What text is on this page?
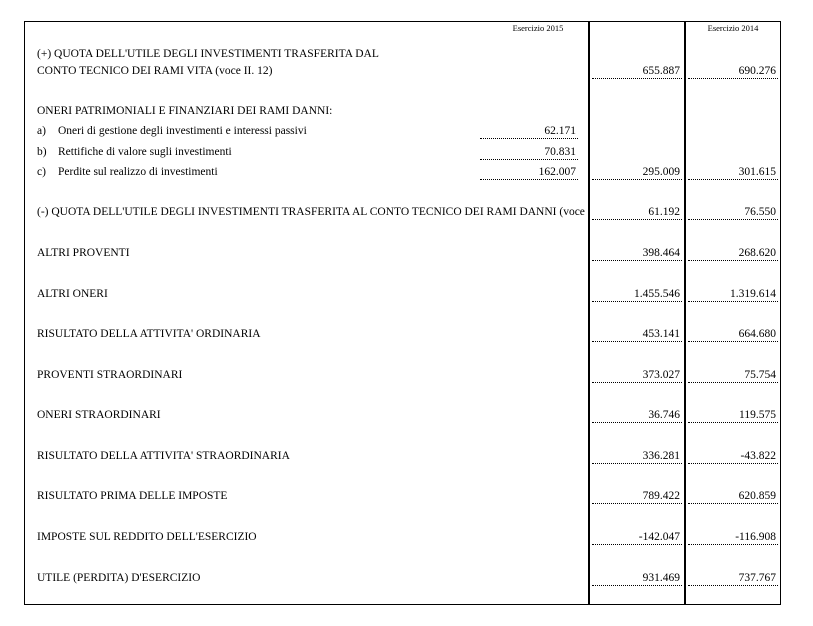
Esercizio 2015	Esercizio 2014
(+) QUOTA DELL'UTILE DEGLI INVESTIMENTI TRASFERITA DAL
CONTO TECNICO DEI RAMI VITA (voce II. 12)	655.887	690.276
ONERI PATRIMONIALI E FINANZIARI DEI RAMI DANNI:
a) Oneri di gestione degli investimenti e interessi passivi	62.171
b) Rettifiche di valore sugli investimenti	70.831
c) Perdite sul realizzo di investimenti	162.007	295.009	301.615
(-) QUOTA DELL'UTILE DEGLI INVESTIMENTI TRASFERITA AL CONTO TECNICO DEI RAMI DANNI (voce	61.192	76.550
ALTRI PROVENTI	398.464	268.620
ALTRI ONERI	1.455.546	1.319.614
RISULTATO DELLA ATTIVITA' ORDINARIA	453.141	664.680
PROVENTI STRAORDINARI	373.027	75.754
ONERI STRAORDINARI	36.746	119.575
RISULTATO DELLA ATTIVITA' STRAORDINARIA	336.281	-43.822
RISULTATO PRIMA DELLE IMPOSTE	789.422	620.859
IMPOSTE SUL REDDITO DELL'ESERCIZIO	-142.047	-116.908
UTILE (PERDITA) D'ESERCIZIO	931.469	737.767
